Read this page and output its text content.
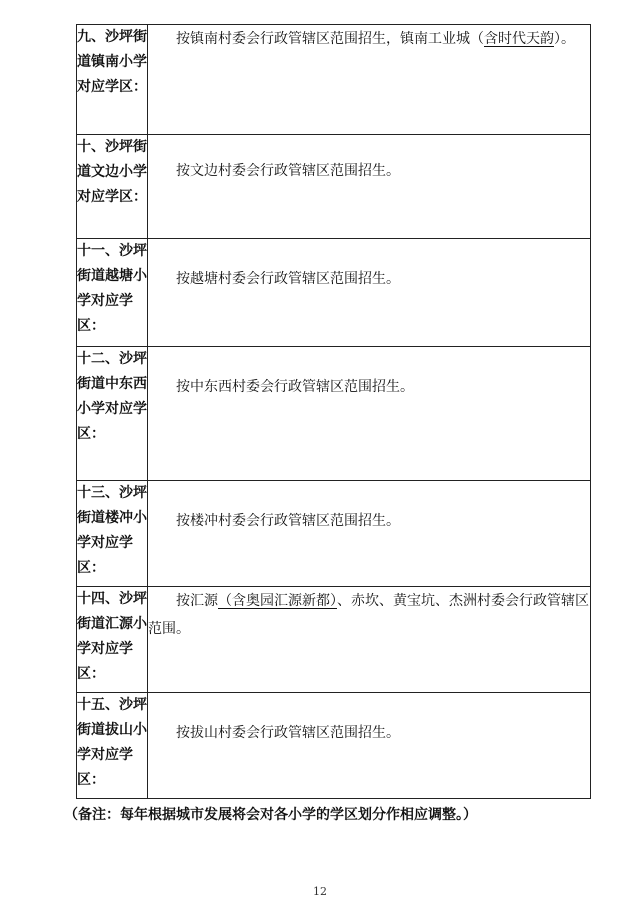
九、沙坪街道镇南小学对应学区：	按镇南村委会行政管辖区范围招生，镇南工业城（含时代天韵）。

十、沙坪街道文边小学对应学区：	按文边村委会行政管辖区范围招生。

十一、沙坪街道越塘小学对应学区：	按越塘村委会行政管辖区范围招生。

十二、沙坪街道中东西小学对应学区：	按中东西村委会行政管辖区范围招生。

十三、沙坪街道楼冲小学对应学区：	按楼冲村委会行政管辖区范围招生。

十四、沙坪街道汇源小学对应学区：	按汇源（含奥园汇源新都）、赤坎、黄宝坑、杰洲村委会行政管辖区范围。

十五、沙坪街道拔山小学对应学区：	按拔山村委会行政管辖区范围招生。
（备注：每年根据城市发展将会对各小学的学区划分作相应调整。）
12
